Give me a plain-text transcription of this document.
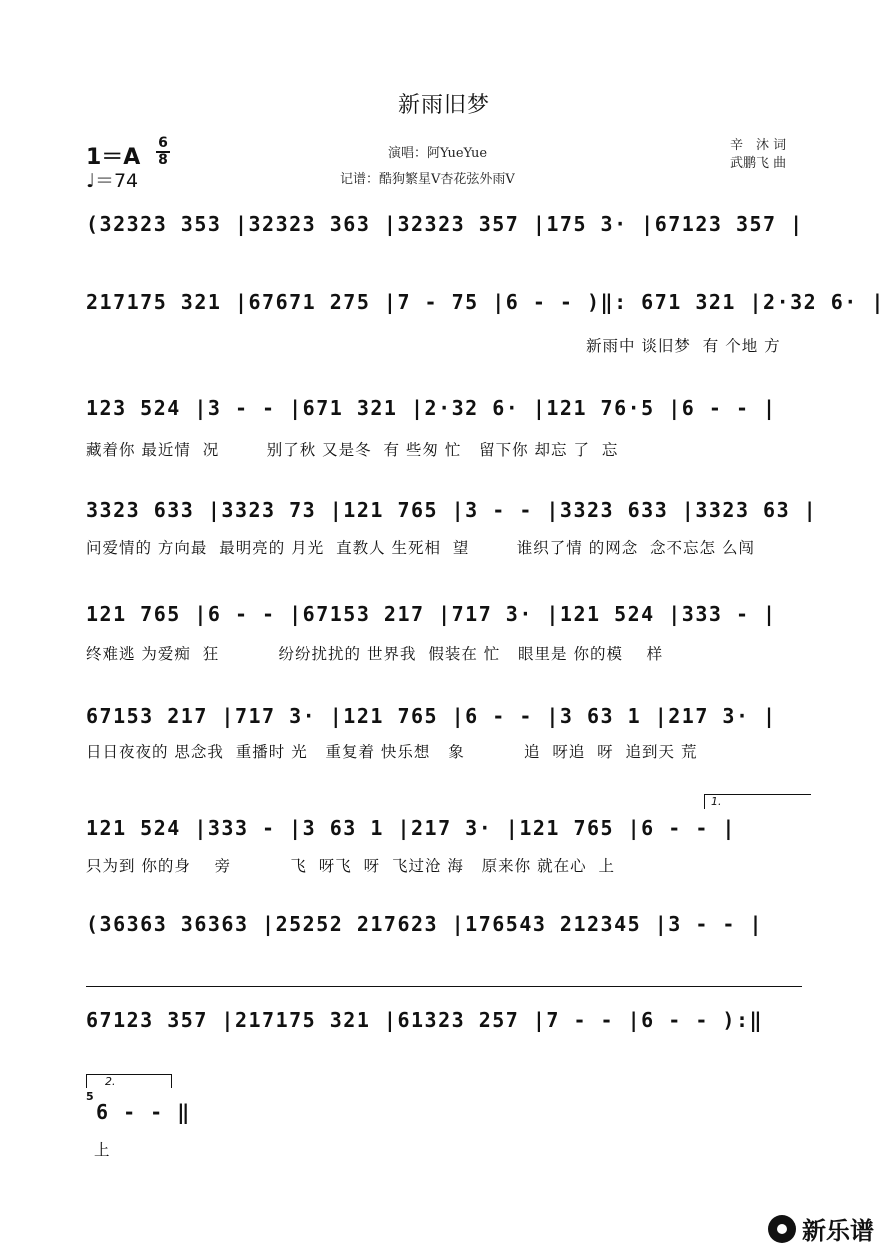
新雨旧梦
演唱：阿YueYue
记谱：酷狗繁星V杏花弦外雨V
辛　沐 词
武鹏飞 曲
1＝A
6
8
♩＝74
(32323 353 |32323 363 |32323 357 |175 3· |67123 357 |
217175 321 |67671 275 |7 - 75 |6 - - )‖: 671 321 |2·32 6· |
新雨中 谈旧梦  有 个地 方
123 524 |3 - - |671 321 |2·32 6· |121 76·5 |6 - - |
藏着你 最近情  况        别了秋 又是冬  有 些匆 忙   留下你 却忘 了  忘
3323 633 |3323 73 |121 765 |3 - - |3323 633 |3323 63 |
问爱情的 方向最  最明亮的 月光  直教人 生死相  望        谁织了情 的网念  念不忘怎 么闯
121 765 |6 - - |67153 217 |717 3· |121 524 |333 - |
终难逃 为爱痴  狂          纷纷扰扰的 世界我  假装在 忙   眼里是 你的模    样
67153 217 |717 3· |121 765 |6 - - |3 63 1 |217 3· |
日日夜夜的 思念我  重播时 光   重复着 快乐想   象          追  呀追  呀  追到天 荒
121 524 |333 - |3 63 1 |217 3· |121 765 |6 - - |
只为到 你的身    旁          飞  呀飞  呀  飞过沧 海   原来你 就在心  上
1.
(36363 36363 |25252 217623 |176543 212345 |3 - - |
67123 357 |217175 321 |61323 257 |7 - - |6 - - ):‖
2.
5
6 - - ‖
上
新乐谱
